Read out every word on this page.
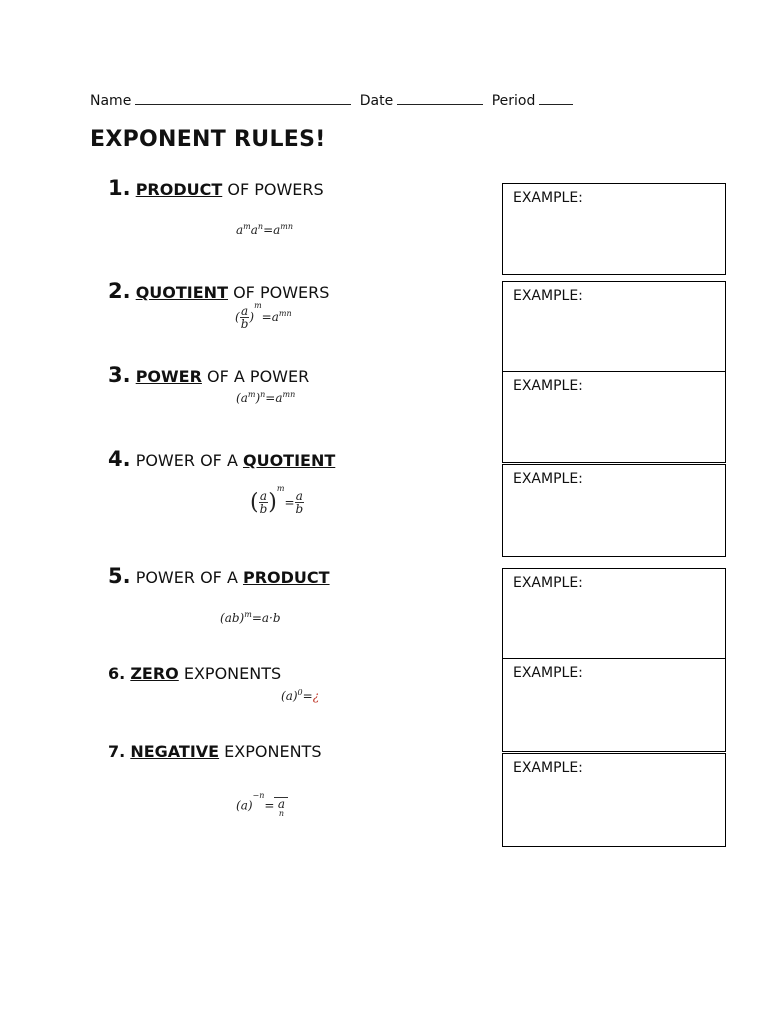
Name	Date	Period
EXPONENT RULES!
1. PRODUCT OF POWERS
$a^ma^n=a^{mn}$
2. QUOTIENT OF POWERS
( $\frac{a}{b} )^m=a^{mn}$
3. POWER OF A POWER
$(a^m)^n=a^{mn}$
4. POWER OF A QUOTIENT
( $\frac{a}{b} )^m= \frac{a}{b}$
5. POWER OF A PRODUCT
(ab)$^m$=a·b
6. ZERO EXPONENTS
$(a)^0=¿$
7. NEGATIVE EXPONENTS
$(a)^{-n}= a$
$^n$
EXAMPLE:
EXAMPLE:
EXAMPLE:
EXAMPLE:
EXAMPLE:
EXAMPLE:
EXAMPLE:
